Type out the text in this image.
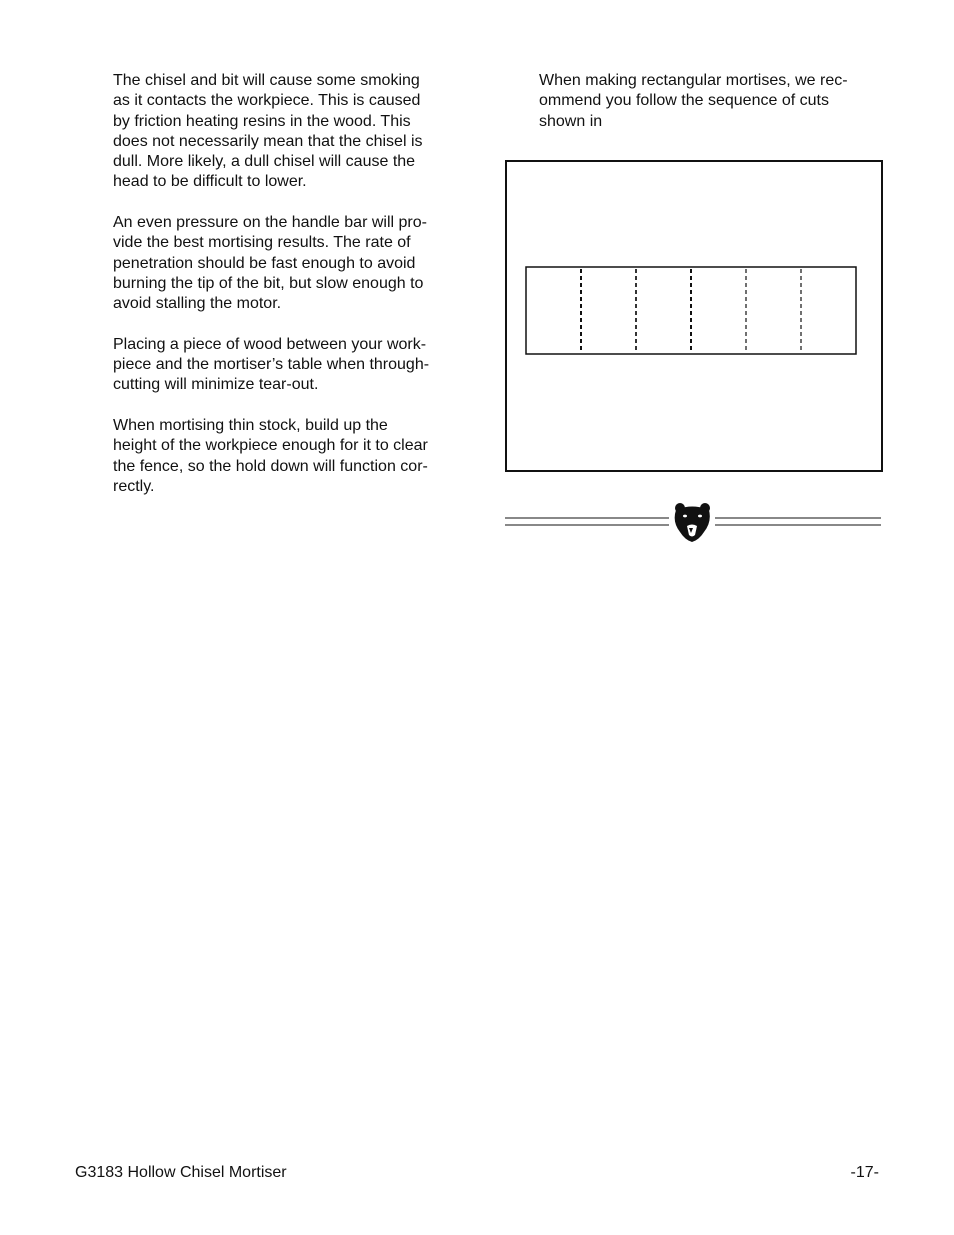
The chisel and bit will cause some smoking
as it contacts the workpiece. This is caused
by friction heating resins in the wood. This
does not necessarily mean that the chisel is
dull. More likely, a dull chisel will cause the
head to be difficult to lower.

An even pressure on the handle bar will pro-
vide the best mortising results. The rate of
penetration should be fast enough to avoid
burning the tip of the bit, but slow enough to
avoid stalling the motor.

Placing a piece of wood between your work-
piece and the mortiser’s table when through-
cutting will minimize tear-out.

When mortising thin stock, build up the
height of the workpiece enough for it to clear
the fence, so the hold down will function cor-
rectly.

When making rectangular mortises, we rec-
ommend you follow the sequence of cuts
shown in

G3183 Hollow Chisel Mortiser	-17-
